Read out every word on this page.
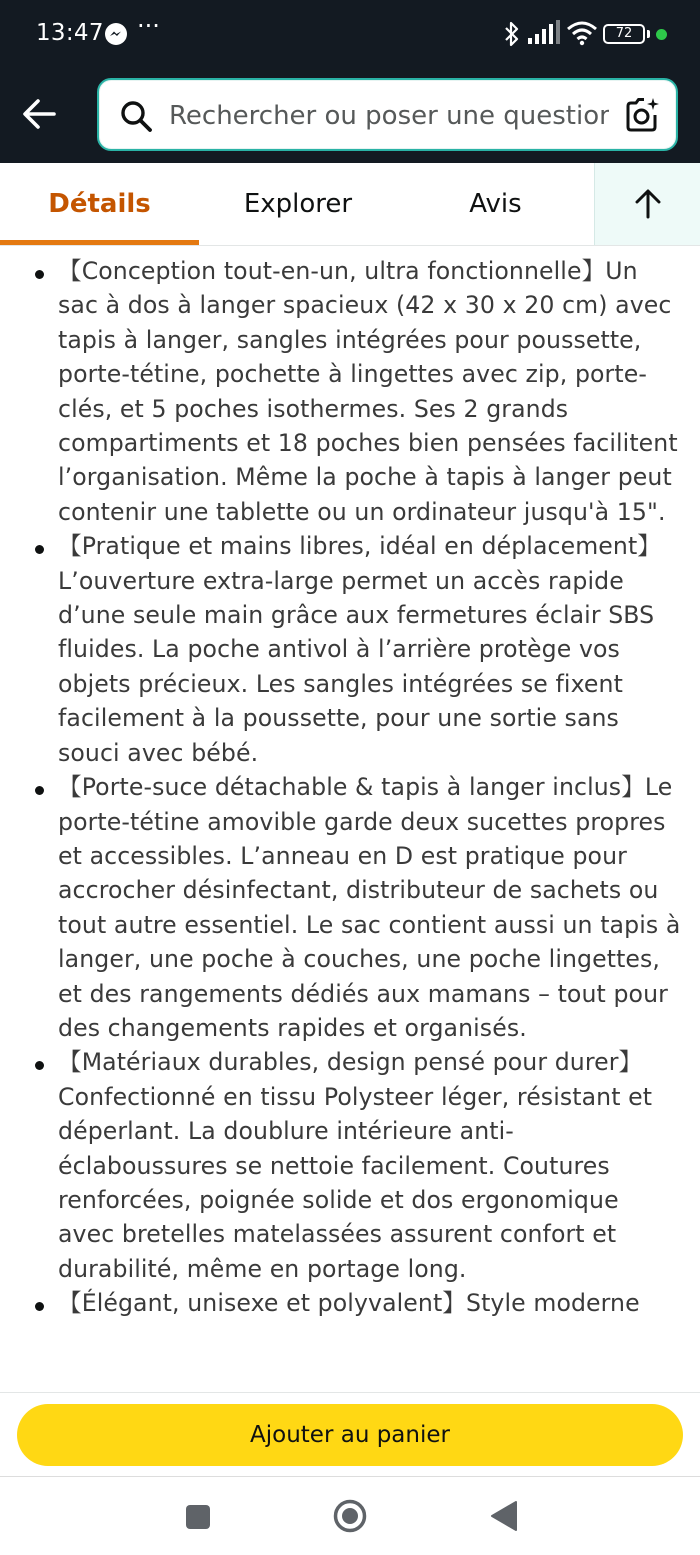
13:47 ···	72
Rechercher ou poser une question
Détails	Explorer	Avis
【Conception tout-en-un, ultra fonctionnelle】Un sac à dos à langer spacieux (42 x 30 x 20 cm) avec tapis à langer, sangles intégrées pour poussette, porte-tétine, pochette à lingettes avec zip, porte-clés, et 5 poches isothermes. Ses 2 grands compartiments et 18 poches bien pensées facilitent l’organisation. Même la poche à tapis à langer peut contenir une tablette ou un ordinateur jusqu'à 15".
【Pratique et mains libres, idéal en déplacement】L’ouverture extra-large permet un accès rapide d’une seule main grâce aux fermetures éclair SBS fluides. La poche antivol à l’arrière protège vos objets précieux. Les sangles intégrées se fixent facilement à la poussette, pour une sortie sans souci avec bébé.
【Porte-suce détachable & tapis à langer inclus】Le porte-tétine amovible garde deux sucettes propres et accessibles. L’anneau en D est pratique pour accrocher désinfectant, distributeur de sachets ou tout autre essentiel. Le sac contient aussi un tapis à langer, une poche à couches, une poche lingettes, et des rangements dédiés aux mamans – tout pour des changements rapides et organisés.
【Matériaux durables, design pensé pour durer】Confectionné en tissu Polysteer léger, résistant et déperlant. La doublure intérieure anti-éclaboussures se nettoie facilement. Coutures renforcées, poignée solide et dos ergonomique avec bretelles matelassées assurent confort et durabilité, même en portage long.
【Élégant, unisexe et polyvalent】Style moderne
Ajouter au panier
